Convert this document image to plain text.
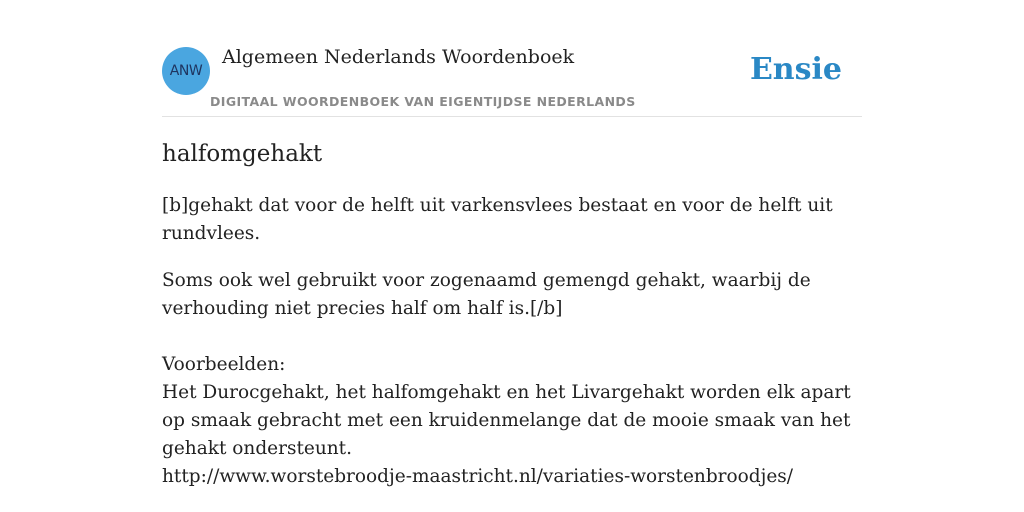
ANW
Algemeen Nederlands Woordenboek
DIGITAAL WOORDENBOEK VAN EIGENTIJDSE NEDERLANDS
Ensie
halfomgehakt

[b]gehakt dat voor de helft uit varkensvlees bestaat en voor de helft uit rundvlees.

Soms ook wel gebruikt voor zogenaamd gemengd gehakt, waarbij de verhouding niet precies half om half is.[/b]

Voorbeelden:
Het Durocgehakt, het halfomgehakt en het Livargehakt worden elk apart op smaak gebracht met een kruidenmelange dat de mooie smaak van het gehakt ondersteunt.
http://www.worstebroodje-maastricht.nl/variaties-worstenbroodjes/
